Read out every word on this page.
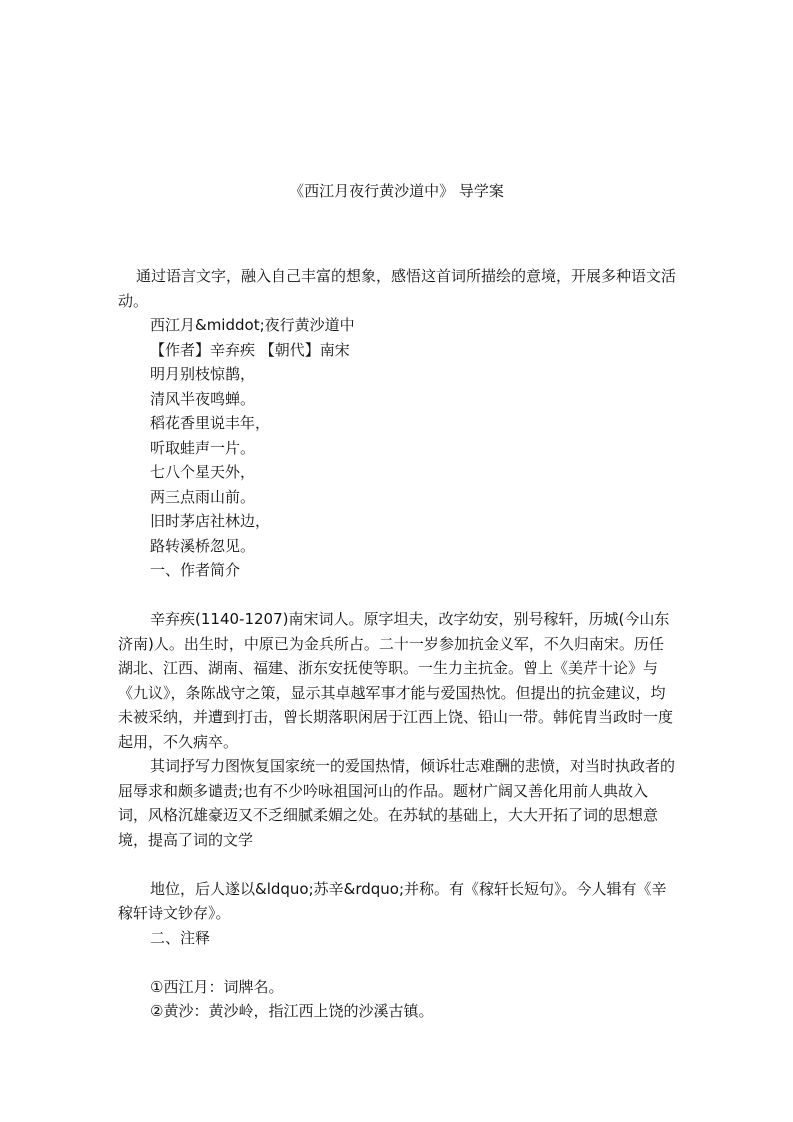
《西江月夜行黄沙道中》 导学案

通过语言文字，融入自己丰富的想象，感悟这首词所描绘的意境，开展多种语文活动。

西江月&middot;夜行黄沙道中

【作者】辛弃疾 【朝代】南宋

明月别枝惊鹊，

清风半夜鸣蝉。

稻花香里说丰年，

听取蛙声一片。

七八个星天外，

两三点雨山前。

旧时茅店社林边，

路转溪桥忽见。

一、作者简介

辛弃疾(1140-1207)南宋词人。原字坦夫，改字幼安，别号稼轩，历城(今山东济南)人。出生时，中原已为金兵所占。二十一岁参加抗金义军，不久归南宋。历任湖北、江西、湖南、福建、浙东安抚使等职。一生力主抗金。曾上《美芹十论》与《九议》，条陈战守之策，显示其卓越军事才能与爱国热忱。但提出的抗金建议，均未被采纳，并遭到打击，曾长期落职闲居于江西上饶、铅山一带。韩侂胄当政时一度起用，不久病卒。

其词抒写力图恢复国家统一的爱国热情，倾诉壮志难酬的悲愤，对当时执政者的屈辱求和颇多谴责;也有不少吟咏祖国河山的作品。题材广阔又善化用前人典故入词，风格沉雄豪迈又不乏细腻柔媚之处。在苏轼的基础上，大大开拓了词的思想意境，提高了词的文学

地位，后人遂以&ldquo;苏辛&rdquo;并称。有《稼轩长短句》。今人辑有《辛稼轩诗文钞存》。

二、注释

①西江月：词牌名。

②黄沙：黄沙岭，指江西上饶的沙溪古镇。
